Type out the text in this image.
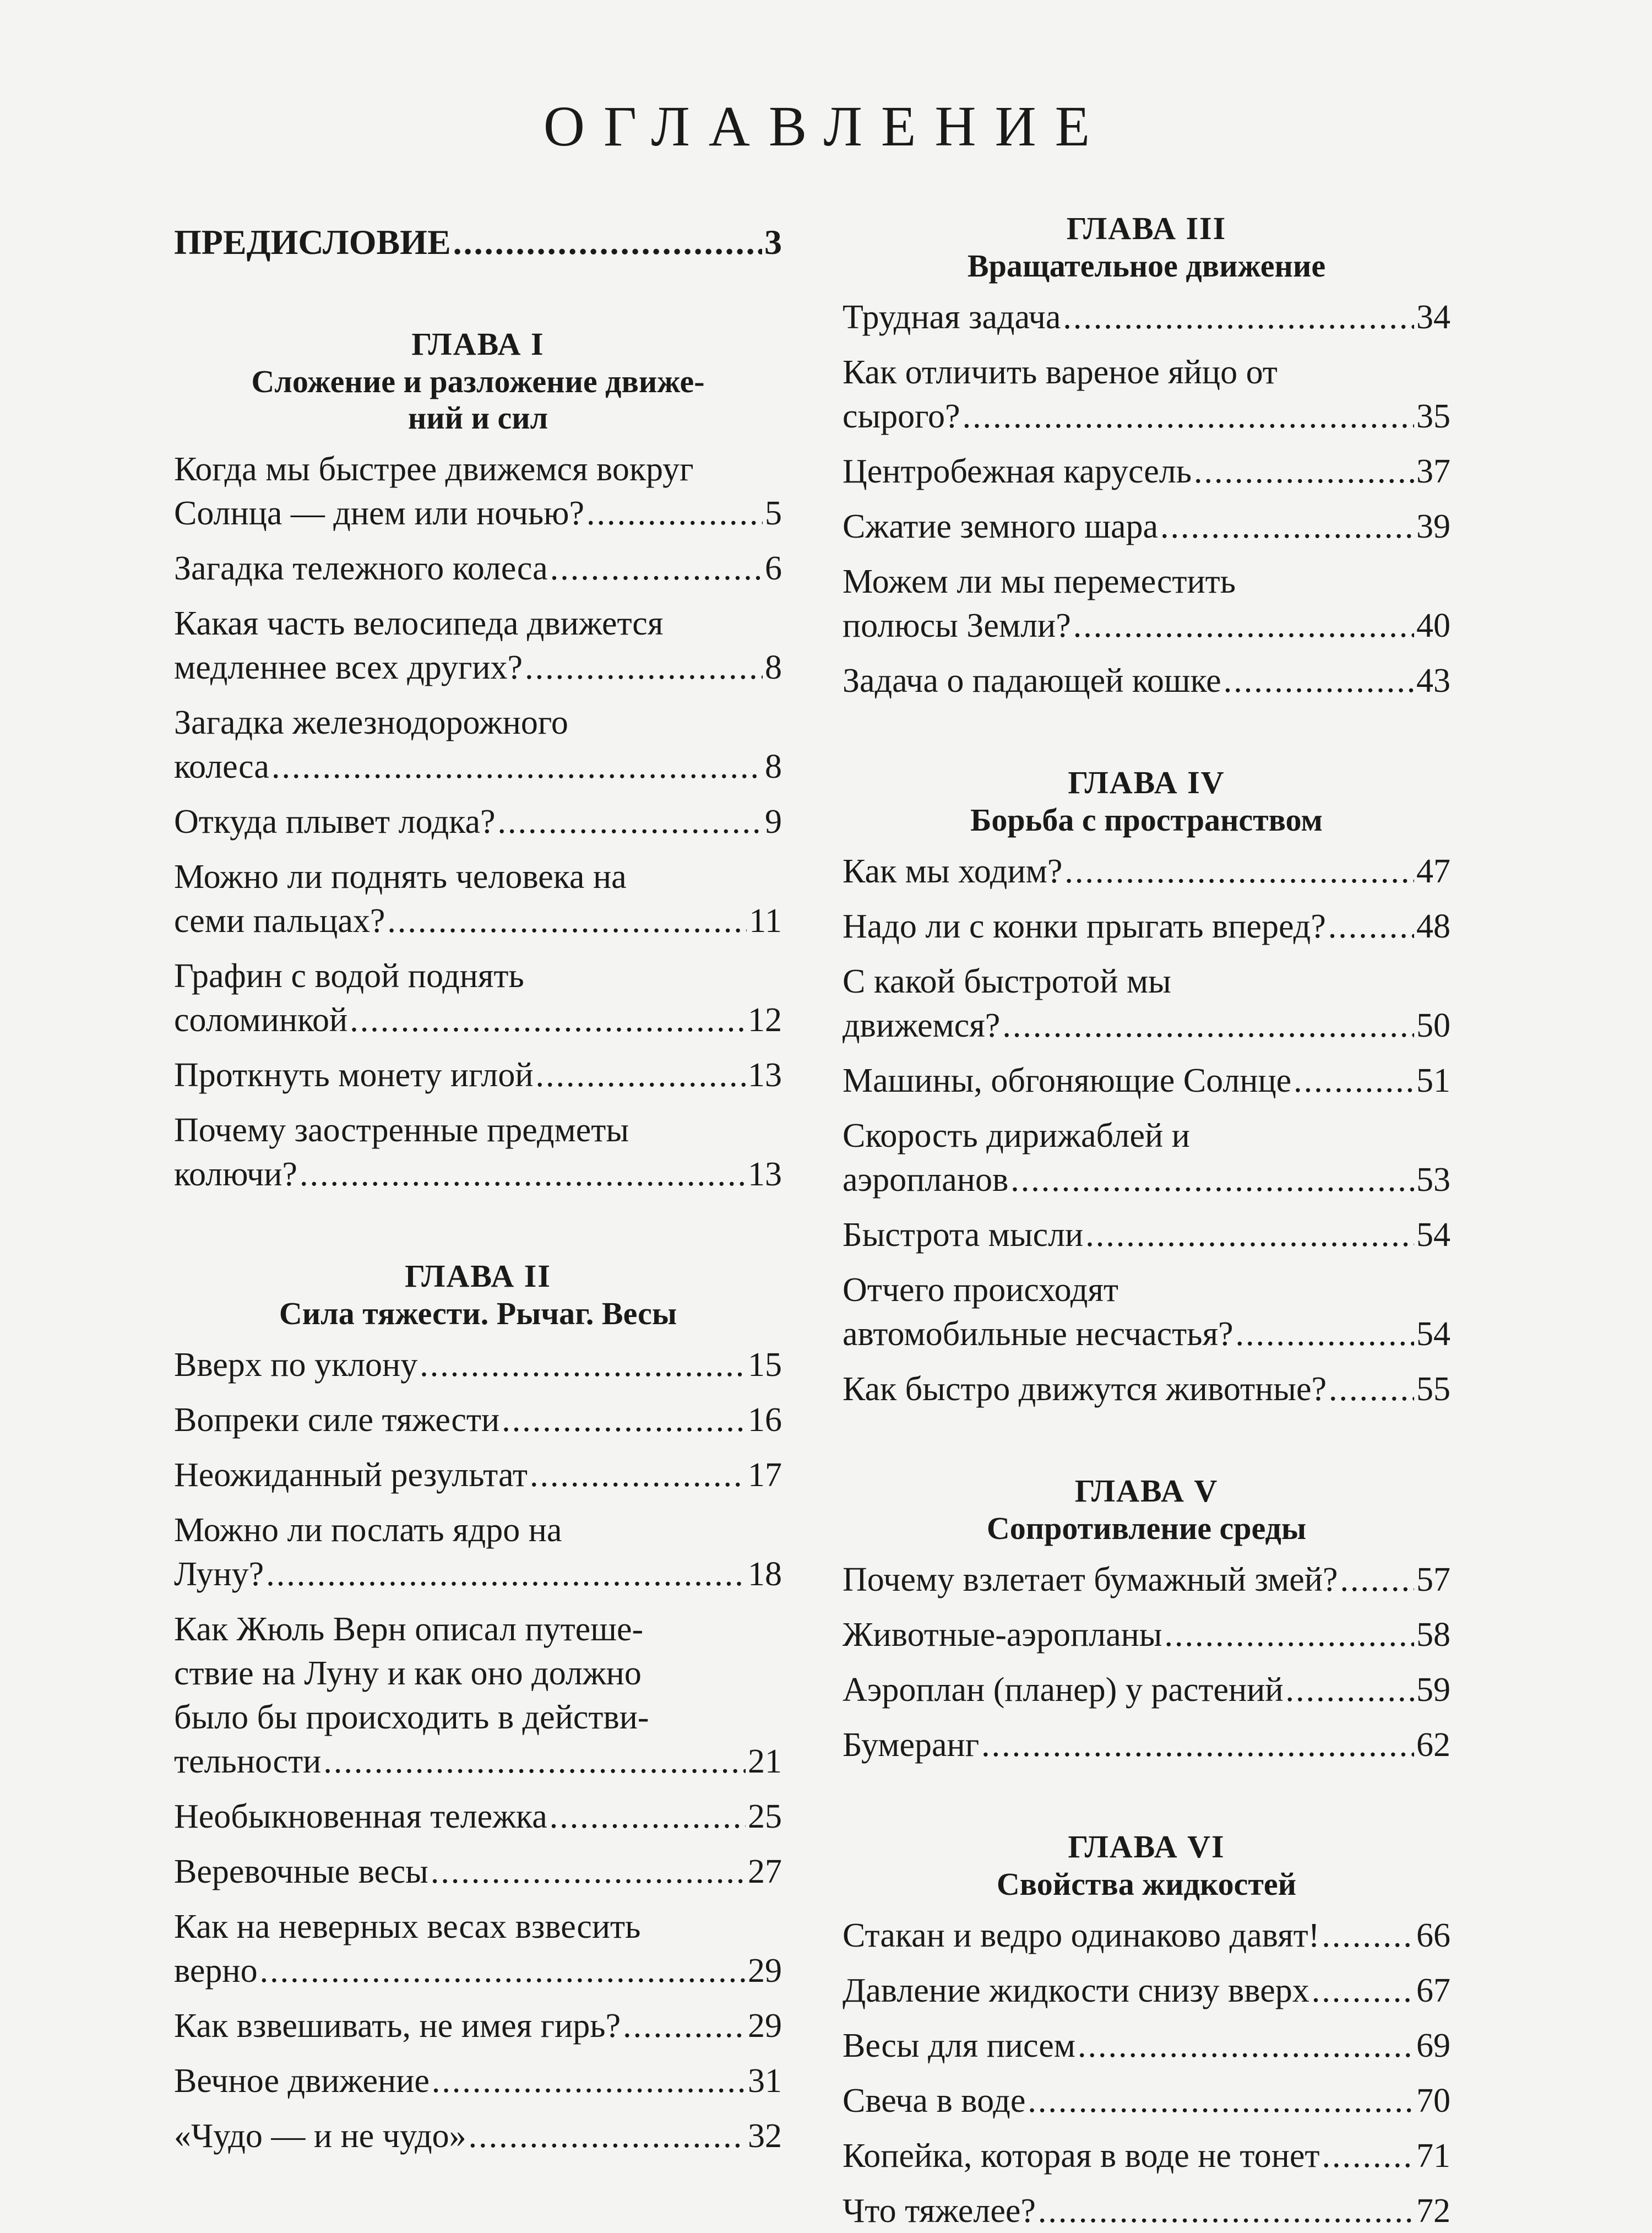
ОГЛАВЛЕНИЕ
ПРЕДИСЛОВИЕ .....	3
ГЛАВА I
Сложение и разложение движе-
ний и сил
Когда мы быстрее движемся вокруг
Солнца — днем или ночью? .....	5
Загадка тележного колеса .....	6
Какая часть велосипеда движется
медленнее всех других? .....	8
Загадка железнодорожного
колеса .....	8
Откуда плывет лодка? .....	9
Можно ли поднять человека на
семи пальцах? .....	11
Графин с водой поднять
соломинкой .....	12
Проткнуть монету иглой .....	13
Почему заостренные предметы
колючи? .....	13
ГЛАВА II
Сила тяжести. Рычаг. Весы
Вверх по уклону .....	15
Вопреки силе тяжести .....	16
Неожиданный результат .....	17
Можно ли послать ядро на
Луну? .....	18
Как Жюль Верн описал путеше-
ствие на Луну и как оно должно
было бы происходить в действи-
тельности .....	21
Необыкновенная тележка .....	25
Веревочные весы .....	27
Как на неверных весах взвесить
верно .....	29
Как взвешивать, не имея гирь? .....	29
Вечное движение .....	31
«Чудо — и не чудо» .....	32
ГЛАВА III
Вращательное движение
Трудная задача .....	34
Как отличить вареное яйцо от
сырого? .....	35
Центробежная карусель .....	37
Сжатие земного шара .....	39
Можем ли мы переместить
полюсы Земли? .....	40
Задача о падающей кошке .....	43
ГЛАВА IV
Борьба с пространством
Как мы ходим? .....	47
Надо ли с конки прыгать вперед? .....	48
С какой быстротой мы
движемся? .....	50
Машины, обгоняющие Солнце .....	51
Скорость дирижаблей и
аэропланов .....	53
Быстрота мысли .....	54
Отчего происходят
автомобильные несчастья? .....	54
Как быстро движутся животные? .....	55
ГЛАВА V
Сопротивление среды
Почему взлетает бумажный змей? ..... 57
Животные-аэропланы .....	58
Аэроплан (планер) у растений .....	59
Бумеранг .....	62
ГЛАВА VI
Свойства жидкостей
Стакан и ведро одинаково давят! .....	66
Давление жидкости снизу вверх .....	67
Весы для писем .....	69
Свеча в воде .....	70
Копейка, которая в воде не тонет .....	71
Что тяжелее? .....	72
